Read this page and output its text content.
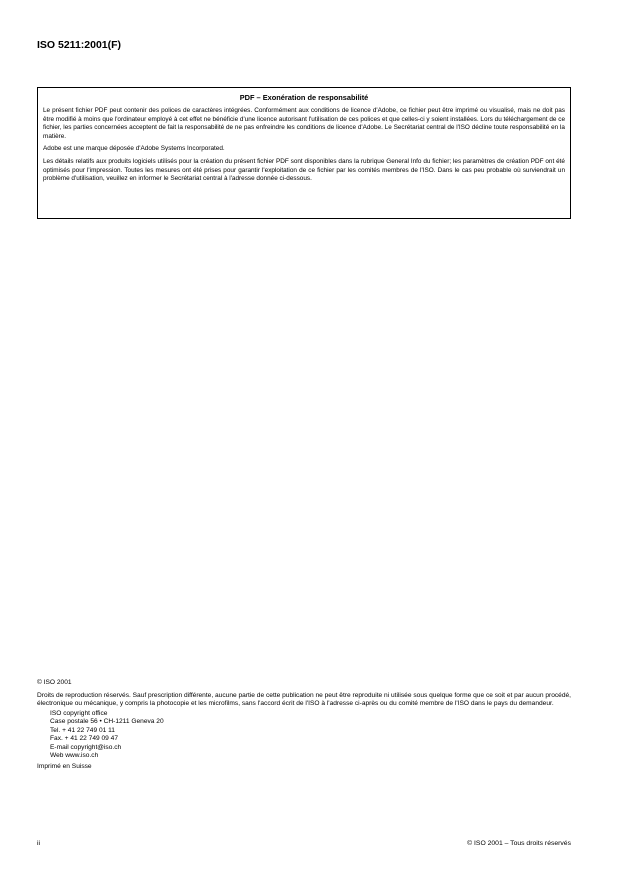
ISO 5211:2001(F)
PDF – Exonération de responsabilité

Le présent fichier PDF peut contenir des polices de caractères intégrées. Conformément aux conditions de licence d'Adobe, ce fichier peut être imprimé ou visualisé, mais ne doit pas être modifié à moins que l'ordinateur employé à cet effet ne bénéficie d'une licence autorisant l'utilisation de ces polices et que celles-ci y soient installées. Lors du téléchargement de ce fichier, les parties concernées acceptent de fait la responsabilité de ne pas enfreindre les conditions de licence d'Adobe. Le Secrétariat central de l'ISO décline toute responsabilité en la matière.

Adobe est une marque déposée d'Adobe Systems Incorporated.

Les détails relatifs aux produits logiciels utilisés pour la création du présent fichier PDF sont disponibles dans la rubrique General Info du fichier; les paramètres de création PDF ont été optimisés pour l'impression. Toutes les mesures ont été prises pour garantir l'exploitation de ce fichier par les comités membres de l'ISO. Dans le cas peu probable où surviendrait un problème d'utilisation, veuillez en informer le Secrétariat central à l'adresse donnée ci-dessous.

© ISO 2001
Droits de reproduction réservés. Sauf prescription différente, aucune partie de cette publication ne peut être reproduite ni utilisée sous quelque forme que ce soit et par aucun procédé, électronique ou mécanique, y compris la photocopie et les microfilms, sans l'accord écrit de l'ISO à l'adresse ci-après ou du comité membre de l'ISO dans le pays du demandeur.
ISO copyright office
Case postale 56 • CH-1211 Geneva 20
Tel. + 41 22 749 01 11
Fax. + 41 22 749 09 47
E-mail copyright@iso.ch
Web www.iso.ch
Imprimé en Suisse
ii	© ISO 2001 – Tous droits réservés
